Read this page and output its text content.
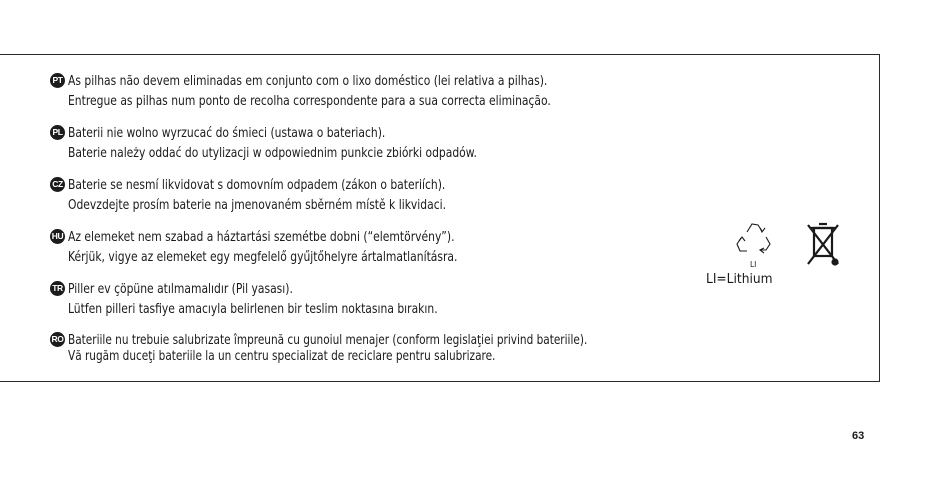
PT As pilhas não devem eliminadas em conjunto com o lixo doméstico (lei relativa a pilhas).
Entregue as pilhas num ponto de recolha correspondente para a sua correcta eliminação.
PL Baterii nie wolno wyrzucać do śmieci (ustawa o bateriach).
Baterie należy oddać do utylizacji w odpowiednim punkcie zbiórki odpadów.
CZ Baterie se nesmí likvidovat s domovním odpadem (zákon o bateriích).
Odevzdejte prosím baterie na jmenovaném sběrném místě k likvidaci.
HU Az elemeket nem szabad a háztartási szemétbe dobni (“elemtörvény”).
Kérjük, vigye az elemeket egy megfelelő gyűjtőhelyre ártalmatlanításra.
TR Piller ev çöpüne atılmamalıdır (Pil yasası).
Lütfen pilleri tasfiye amacıyla belirlenen bir teslim noktasına bırakın.
RO Bateriile nu trebuie salubrizate împreună cu gunoiul menajer (conform legislaţiei privind bateriile).
Vă rugăm duceţi bateriile la un centru specializat de reciclare pentru salubrizare.
LI
LI=Lithium
63
